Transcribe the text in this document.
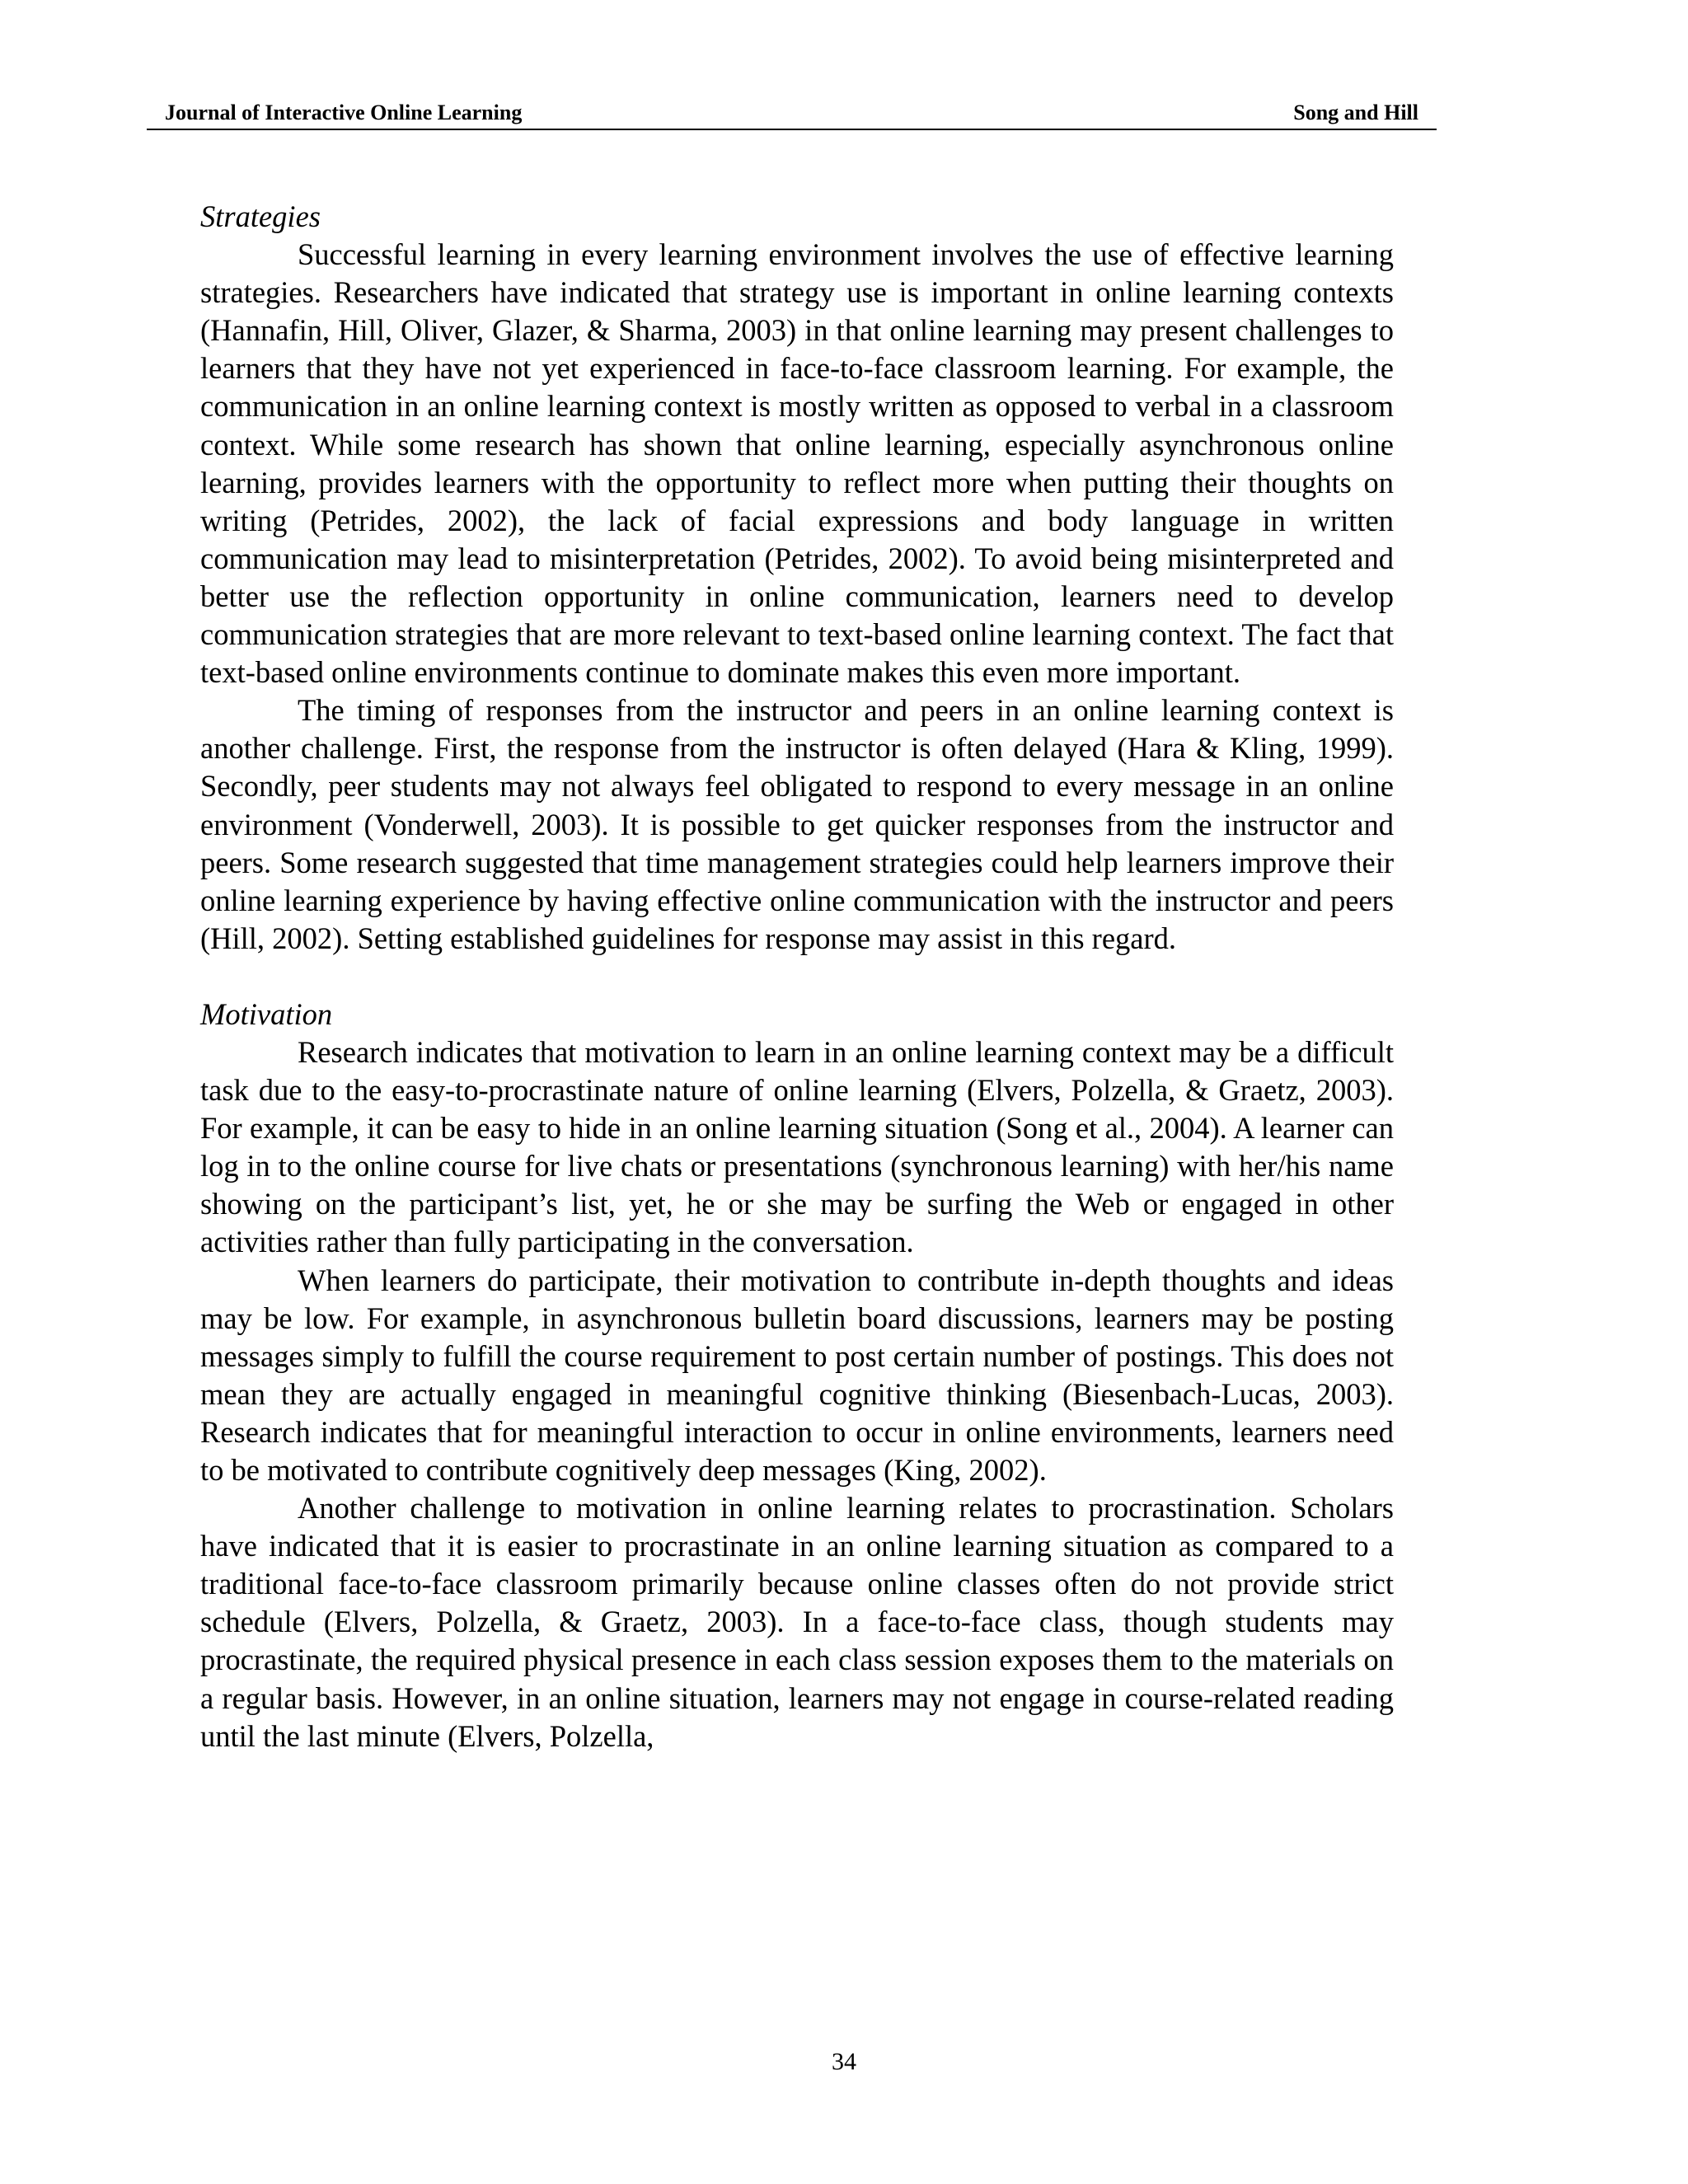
Journal of Interactive Online Learning	Song and Hill

Strategies

Successful learning in every learning environment involves the use of effective learning strategies. Researchers have indicated that strategy use is important in online learning contexts (Hannafin, Hill, Oliver, Glazer, & Sharma, 2003) in that online learning may present challenges to learners that they have not yet experienced in face-to-face classroom learning. For example, the communication in an online learning context is mostly written as opposed to verbal in a classroom context. While some research has shown that online learning, especially asynchronous online learning, provides learners with the opportunity to reflect more when putting their thoughts on writing (Petrides, 2002), the lack of facial expressions and body language in written communication may lead to misinterpretation (Petrides, 2002). To avoid being misinterpreted and better use the reflection opportunity in online communication, learners need to develop communication strategies that are more relevant to text-based online learning context. The fact that text-based online environments continue to dominate makes this even more important.

The timing of responses from the instructor and peers in an online learning context is another challenge. First, the response from the instructor is often delayed (Hara & Kling, 1999). Secondly, peer students may not always feel obligated to respond to every message in an online environment (Vonderwell, 2003). It is possible to get quicker responses from the instructor and peers. Some research suggested that time management strategies could help learners improve their online learning experience by having effective online communication with the instructor and peers (Hill, 2002). Setting established guidelines for response may assist in this regard.

Motivation

Research indicates that motivation to learn in an online learning context may be a difficult task due to the easy-to-procrastinate nature of online learning (Elvers, Polzella, & Graetz, 2003). For example, it can be easy to hide in an online learning situation (Song et al., 2004). A learner can log in to the online course for live chats or presentations (synchronous learning) with her/his name showing on the participant’s list, yet, he or she may be surfing the Web or engaged in other activities rather than fully participating in the conversation.

When learners do participate, their motivation to contribute in-depth thoughts and ideas may be low. For example, in asynchronous bulletin board discussions, learners may be posting messages simply to fulfill the course requirement to post certain number of postings. This does not mean they are actually engaged in meaningful cognitive thinking (Biesenbach-Lucas, 2003). Research indicates that for meaningful interaction to occur in online environments, learners need to be motivated to contribute cognitively deep messages (King, 2002).

Another challenge to motivation in online learning relates to procrastination. Scholars have indicated that it is easier to procrastinate in an online learning situation as compared to a traditional face-to-face classroom primarily because online classes often do not provide strict schedule (Elvers, Polzella, & Graetz, 2003). In a face-to-face class, though students may procrastinate, the required physical presence in each class session exposes them to the materials on a regular basis. However, in an online situation, learners may not engage in course-related reading until the last minute (Elvers, Polzella,

34
